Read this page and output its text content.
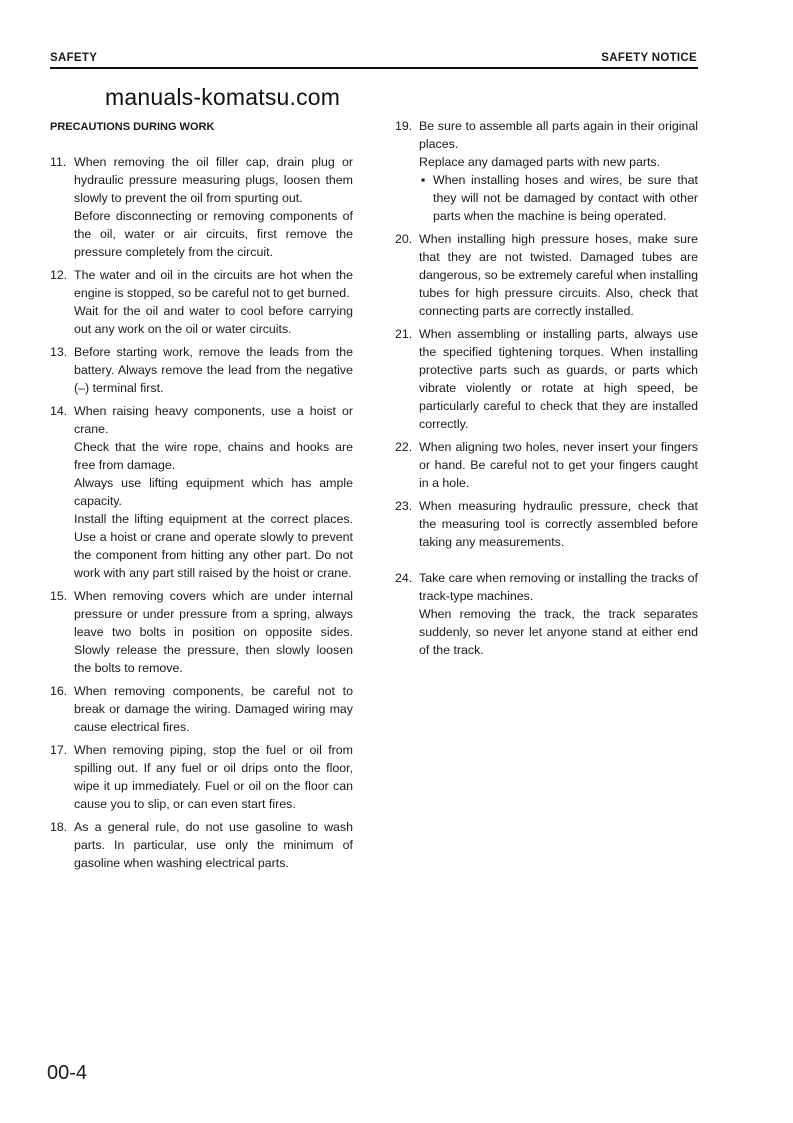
SAFETY	SAFETY NOTICE
manuals-komatsu.com
PRECAUTIONS DURING WORK
11. When removing the oil filler cap, drain plug or hydraulic pressure measuring plugs, loosen them slowly to prevent the oil from spurting out.
Before disconnecting or removing components of the oil, water or air circuits, first remove the pressure completely from the circuit.
12. The water and oil in the circuits are hot when the engine is stopped, so be careful not to get burned.
Wait for the oil and water to cool before carrying out any work on the oil or water circuits.
13. Before starting work, remove the leads from the battery. Always remove the lead from the negative (–) terminal first.
14. When raising heavy components, use a hoist or crane.
Check that the wire rope, chains and hooks are free from damage.
Always use lifting equipment which has ample capacity.
Install the lifting equipment at the correct places. Use a hoist or crane and operate slowly to prevent the component from hitting any other part. Do not work with any part still raised by the hoist or crane.
15. When removing covers which are under internal pressure or under pressure from a spring, always leave two bolts in position on opposite sides. Slowly release the pressure, then slowly loosen the bolts to remove.
16. When removing components, be careful not to break or damage the wiring. Damaged wiring may cause electrical fires.
17. When removing piping, stop the fuel or oil from spilling out. If any fuel or oil drips onto the floor, wipe it up immediately. Fuel or oil on the floor can cause you to slip, or can even start fires.
18. As a general rule, do not use gasoline to wash parts. In particular, use only the minimum of gasoline when washing electrical parts.
19. Be sure to assemble all parts again in their original places.
Replace any damaged parts with new parts.
▪ When installing hoses and wires, be sure that they will not be damaged by contact with other parts when the machine is being operated.
20. When installing high pressure hoses, make sure that they are not twisted. Damaged tubes are dangerous, so be extremely careful when installing tubes for high pressure circuits. Also, check that connecting parts are correctly installed.
21. When assembling or installing parts, always use the specified tightening torques. When installing protective parts such as guards, or parts which vibrate violently or rotate at high speed, be particularly careful to check that they are installed correctly.
22. When aligning two holes, never insert your fingers or hand. Be careful not to get your fingers caught in a hole.
23. When measuring hydraulic pressure, check that the measuring tool is correctly assembled before taking any measurements.
24. Take care when removing or installing the tracks of track-type machines.
When removing the track, the track separates suddenly, so never let anyone stand at either end of the track.
00-4
